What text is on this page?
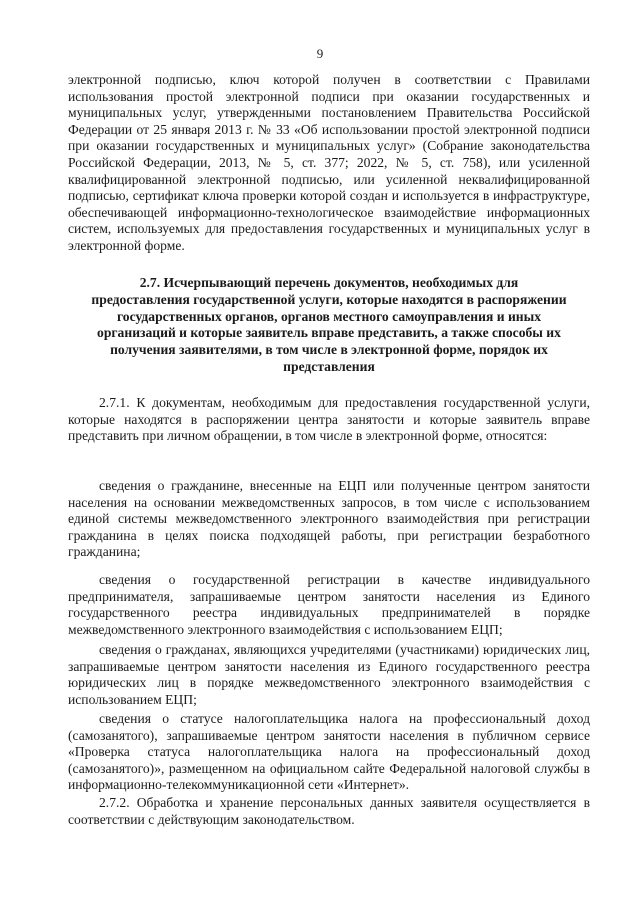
9

электронной подписью, ключ которой получен в соответствии с Правилами использования простой электронной подписи при оказании государственных и муниципальных услуг, утвержденными постановлением Правительства Российской Федерации от 25 января 2013 г. № 33 «Об использовании простой электронной подписи при оказании государственных и муниципальных услуг» (Собрание законодательства Российской Федерации, 2013, № 5, ст. 377; 2022, № 5, ст. 758), или усиленной квалифицированной электронной подписью, или усиленной неквалифицированной подписью, сертификат ключа проверки которой создан и используется в инфраструктуре, обеспечивающей информационно-технологическое взаимодействие информационных систем, используемых для предоставления государственных и муниципальных услуг в электронной форме.

2.7. Исчерпывающий перечень документов, необходимых для
предоставления государственной услуги, которые находятся в распоряжении
государственных органов, органов местного самоуправления и иных
организаций и которые заявитель вправе представить, а также способы их
получения заявителями, в том числе в электронной форме, порядок их
представления

2.7.1. К документам, необходимым для предоставления государственной услуги, которые находятся в распоряжении центра занятости и которые заявитель вправе представить при личном обращении, в том числе в электронной форме, относятся:

сведения о гражданине, внесенные на ЕЦП или полученные центром занятости населения на основании межведомственных запросов, в том числе с использованием единой системы межведомственного электронного взаимодействия при регистрации гражданина в целях поиска подходящей работы, при регистрации безработного гражданина;

сведения о государственной регистрации в качестве индивидуального предпринимателя, запрашиваемые центром занятости населения из Единого государственного реестра индивидуальных предпринимателей в порядке межведомственного электронного взаимодействия с использованием ЕЦП;

сведения о гражданах, являющихся учредителями (участниками) юридических лиц, запрашиваемые центром занятости населения из Единого государственного реестра юридических лиц в порядке межведомственного электронного взаимодействия с использованием ЕЦП;

сведения о статусе налогоплательщика налога на профессиональный доход (самозанятого), запрашиваемые центром занятости населения в публичном сервисе «Проверка статуса налогоплательщика налога на профессиональный доход (самозанятого)», размещенном на официальном сайте Федеральной налоговой службы в информационно-телекоммуникационной сети «Интернет».

2.7.2. Обработка и хранение персональных данных заявителя осуществляется в соответствии с действующим законодательством.
